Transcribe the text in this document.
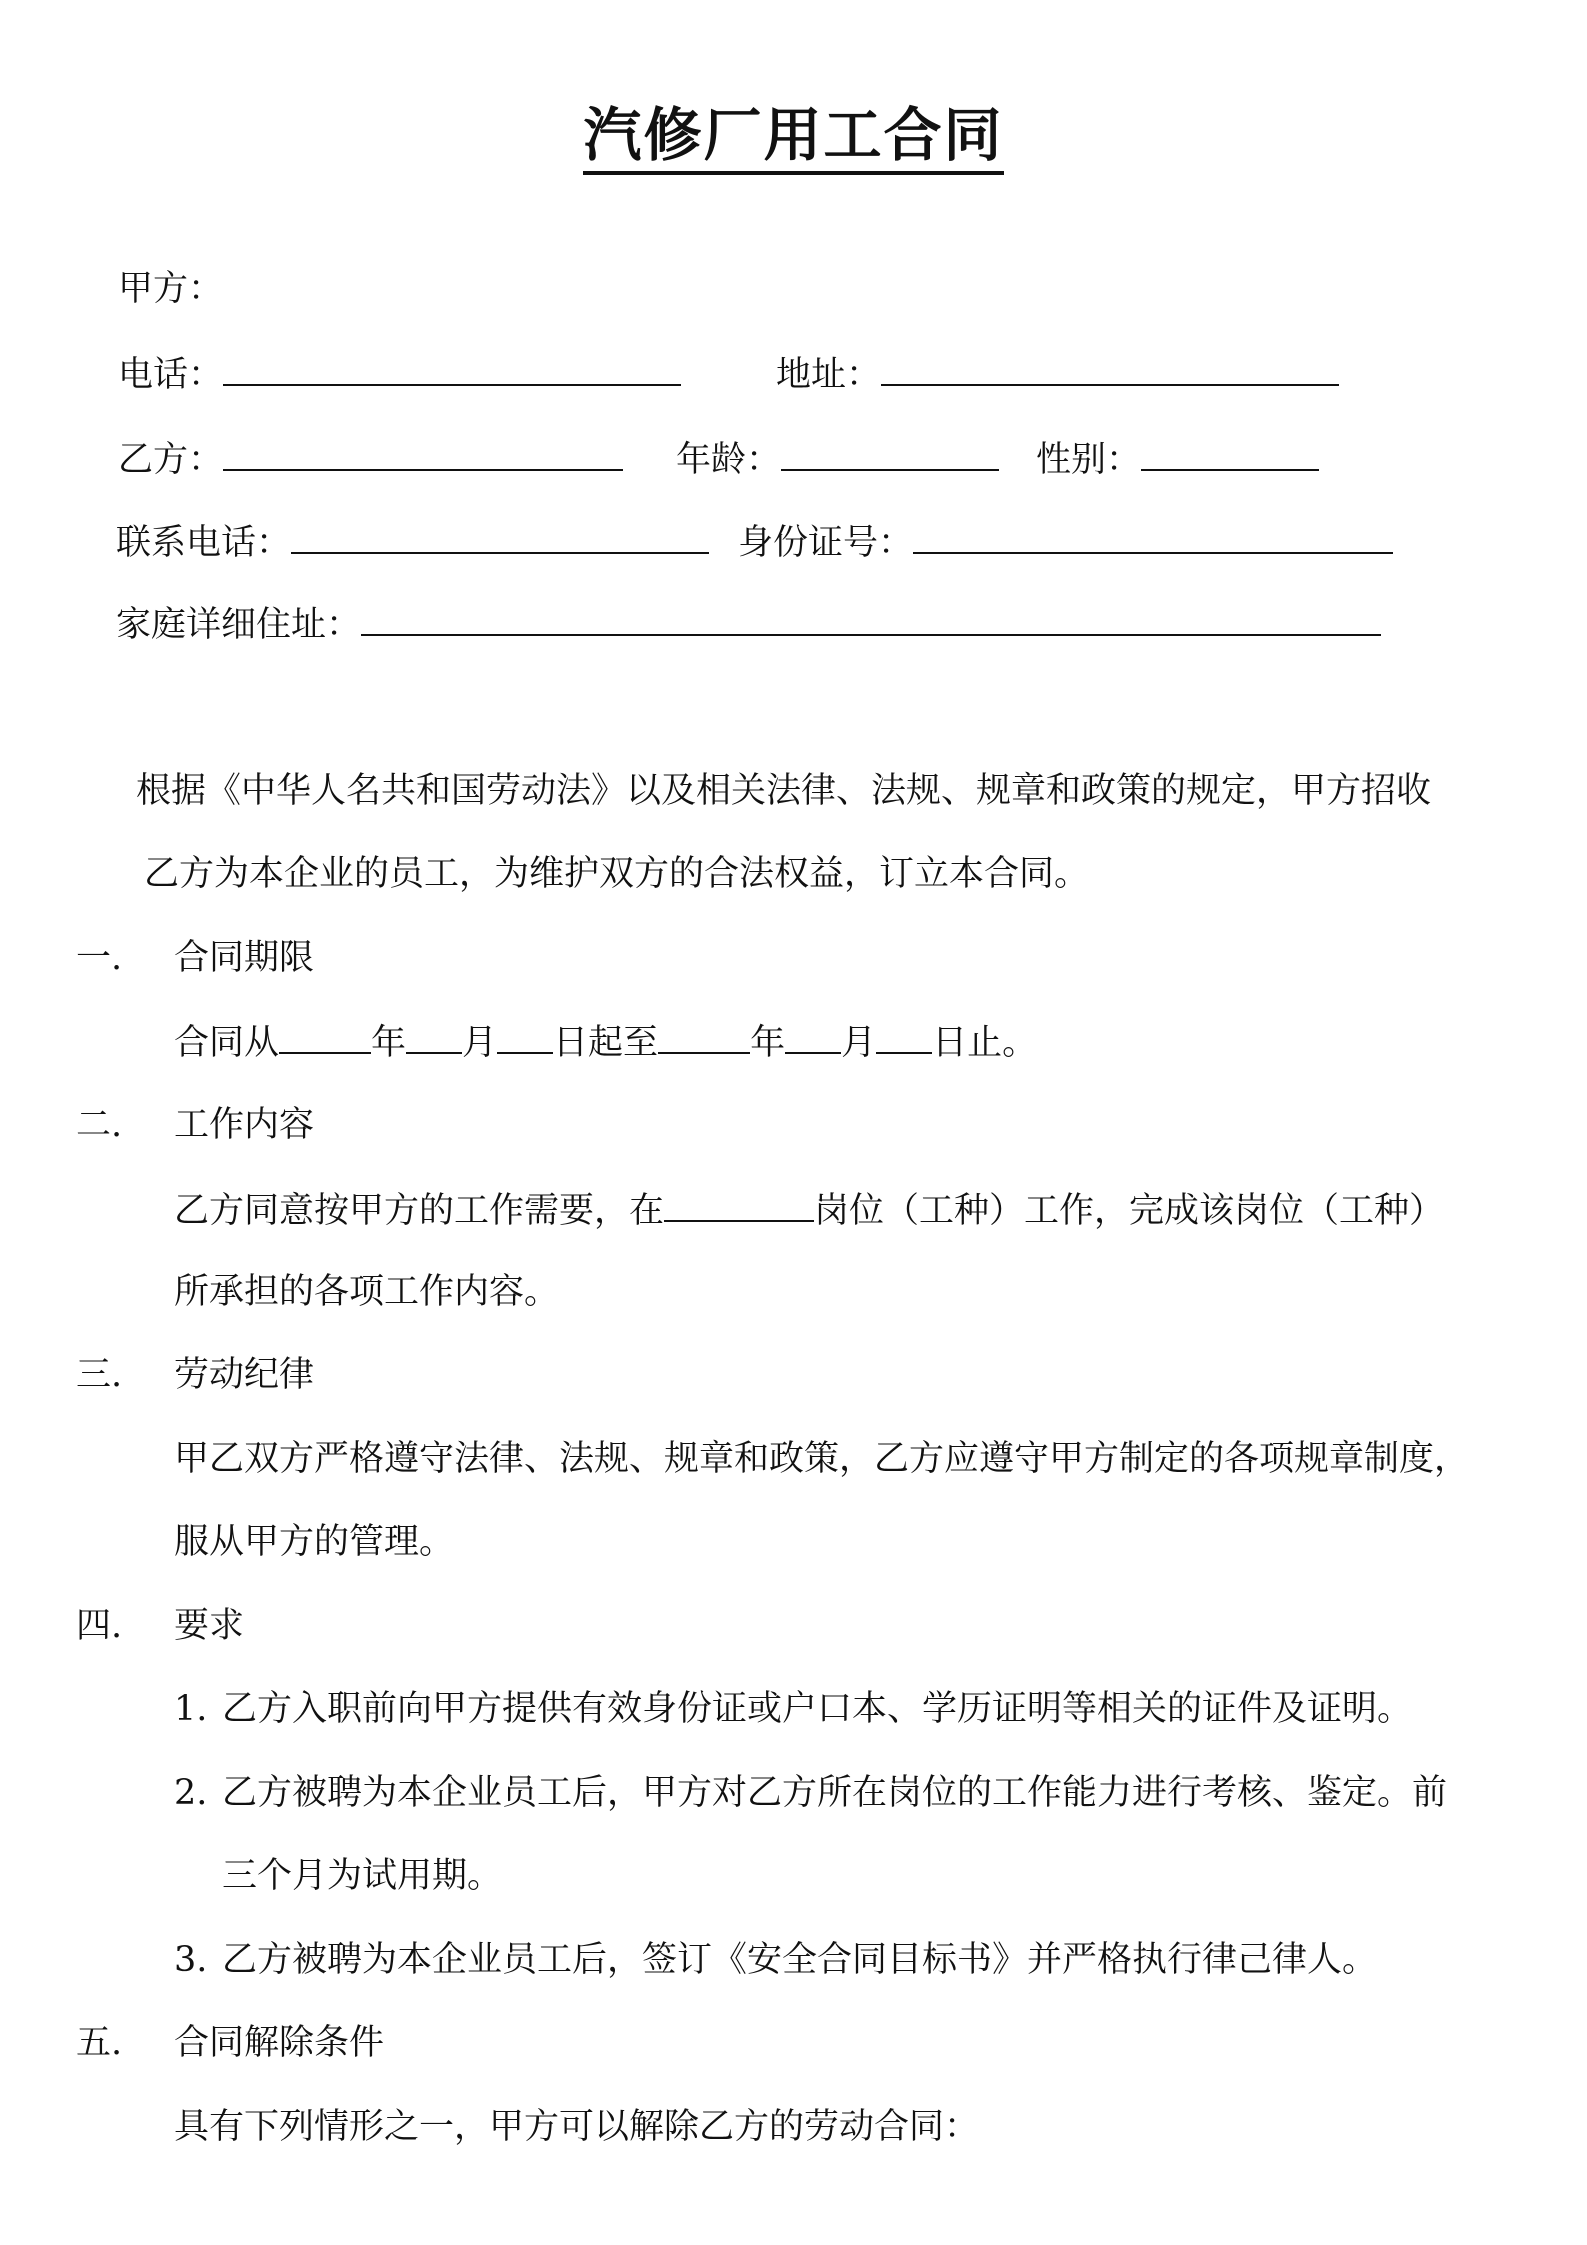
汽修厂用工合同
甲方：
电话：	地址：
乙方：	年龄：	性别：
联系电话：	身份证号：
家庭详细住址：
根据《中华人名共和国劳动法》以及相关法律、法规、规章和政策的规定，甲方招收
乙方为本企业的员工，为维护双方的合法权益，订立本合同。
一. 合同期限
合同从	年 月 日起至	年 月 日止。
二. 工作内容
乙方同意按甲方的工作需要，在	岗位（工种）工作，完成该岗位（工种）
所承担的各项工作内容。
三. 劳动纪律
甲乙双方严格遵守法律、法规、规章和政策，乙方应遵守甲方制定的各项规章制度，
服从甲方的管理。
四. 要求
1. 乙方入职前向甲方提供有效身份证或户口本、学历证明等相关的证件及证明。
2. 乙方被聘为本企业员工后，甲方对乙方所在岗位的工作能力进行考核、鉴定。前
三个月为试用期。
3. 乙方被聘为本企业员工后，签订《安全合同目标书》并严格执行律己律人。
五. 合同解除条件
具有下列情形之一，甲方可以解除乙方的劳动合同：
